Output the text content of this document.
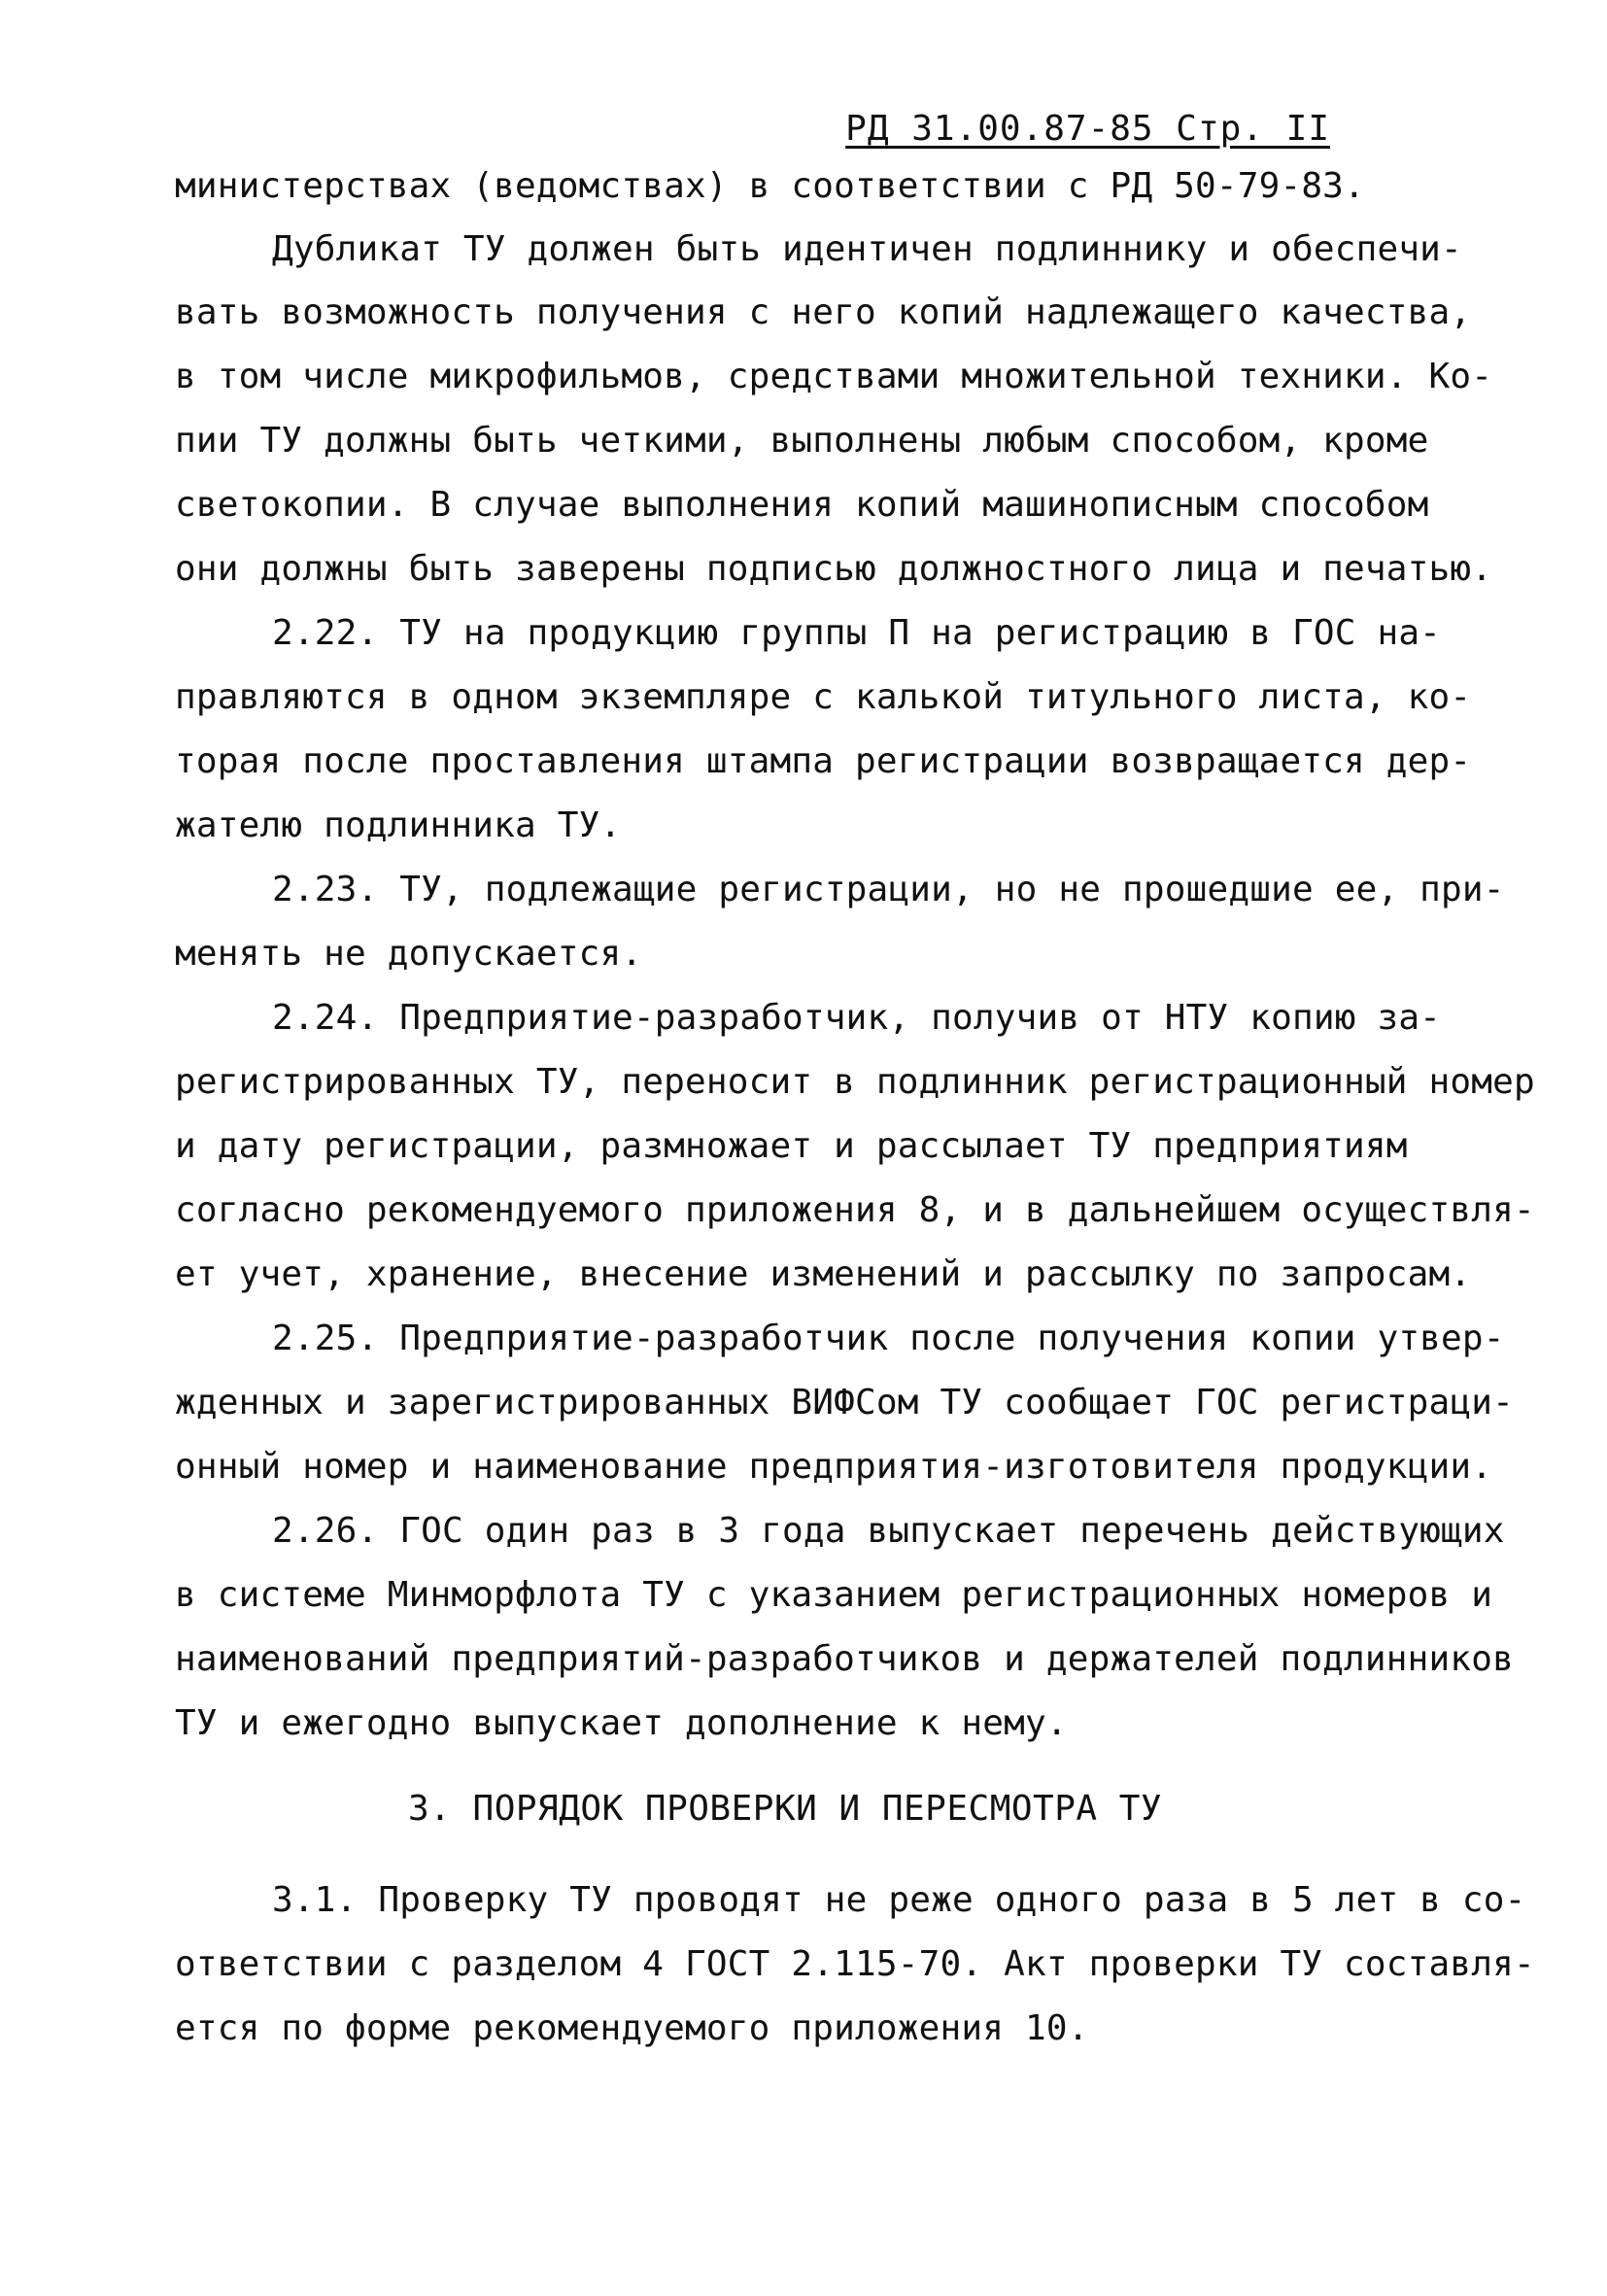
РД 31.00.87-85 Стр. II
министерствах (ведомствах) в соответствии с РД 50-79-83.
Дубликат ТУ должен быть идентичен подлиннику и обеспечи-
вать возможность получения с него копий надлежащего качества,
в том числе микрофильмов, средствами множительной техники. Ко-
пии ТУ должны быть четкими, выполнены любым способом, кроме
светокопии. В случае выполнения копий машинописным способом
они должны быть заверены подписью должностного лица и печатью.
2.22. ТУ на продукцию группы П на регистрацию в ГОС на-
правляются в одном экземпляре с калькой титульного листа, ко-
торая после проставления штампа регистрации возвращается дер-
жателю подлинника ТУ.
2.23. ТУ, подлежащие регистрации, но не прошедшие ее, при-
менять не допускается.
2.24. Предприятие-разработчик, получив от НТУ копию за-
регистрированных ТУ, переносит в подлинник регистрационный номер
и дату регистрации, размножает и рассылает ТУ предприятиям
согласно рекомендуемого приложения 8, и в дальнейшем осуществля-
ет учет, хранение, внесение изменений и рассылку по запросам.
2.25. Предприятие-разработчик после получения копии утвер-
жденных и зарегистрированных ВИФСом ТУ сообщает ГОС регистраци-
онный номер и наименование предприятия-изготовителя продукции.
2.26. ГОС один раз в 3 года выпускает перечень действующих
в системе Минморфлота ТУ с указанием регистрационных номеров и
наименований предприятий-разработчиков и держателей подлинников
ТУ и ежегодно выпускает дополнение к нему.
3. ПОРЯДОК ПРОВЕРКИ И ПЕРЕСМОТРА ТУ
3.1. Проверку ТУ проводят не реже одного раза в 5 лет в со-
ответствии с разделом 4 ГОСТ 2.115-70. Акт проверки ТУ составля-
ется по форме рекомендуемого приложения 10.
